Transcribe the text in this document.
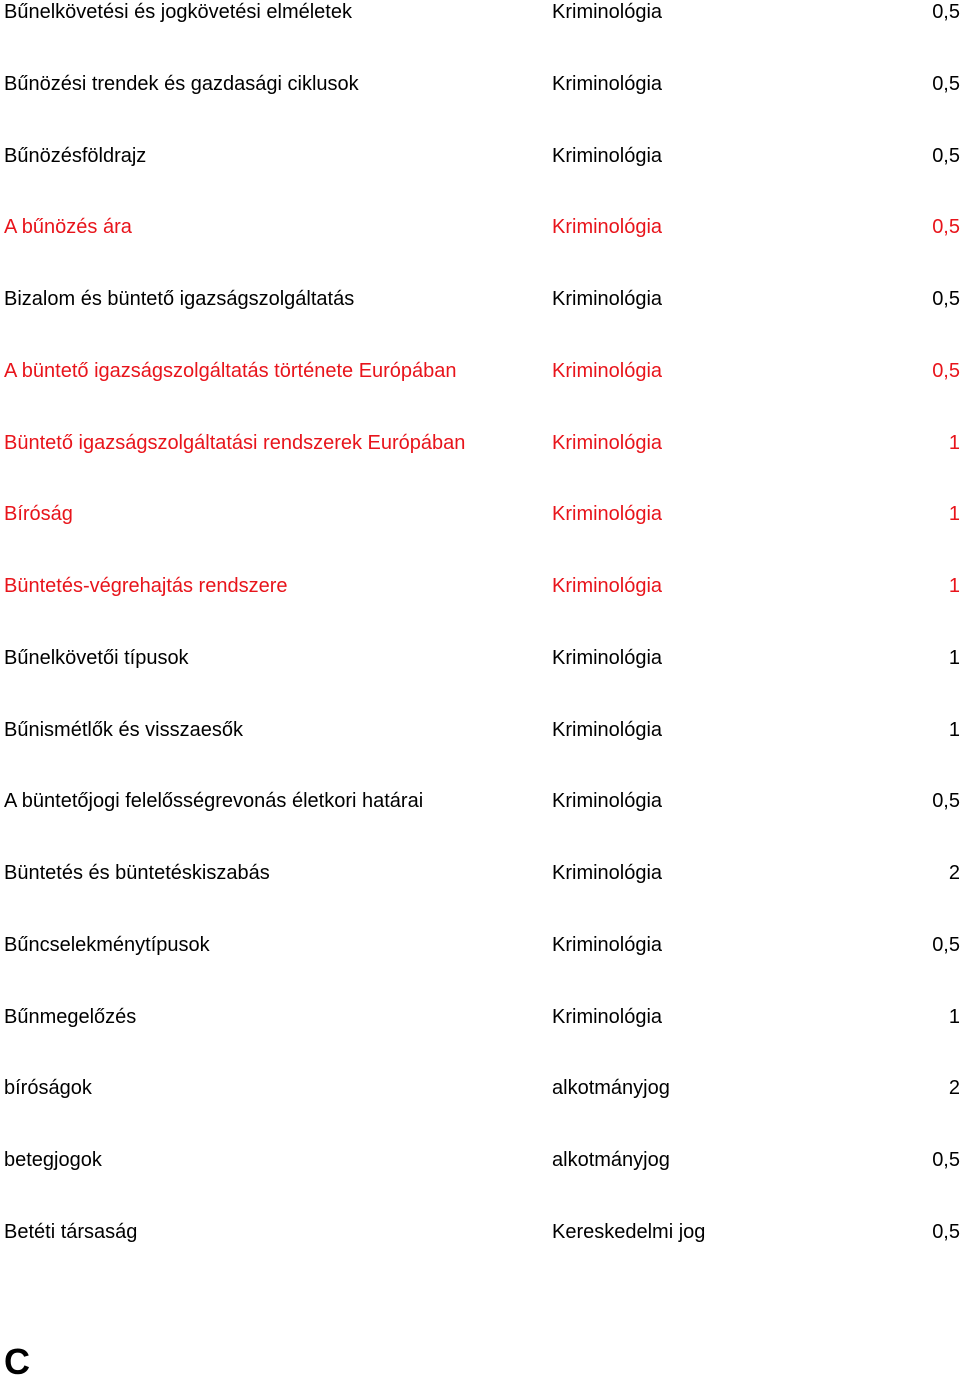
Bűnelkövetési és jogkövetési elméletek	Kriminológia	0,5
Bűnözési trendek és gazdasági ciklusok	Kriminológia	0,5
Bűnözésföldrajz	Kriminológia	0,5
A bűnözés ára	Kriminológia	0,5
Bizalom és büntető igazságszolgáltatás	Kriminológia	0,5
A büntető igazságszolgáltatás története Európában	Kriminológia	0,5
Büntető igazságszolgáltatási rendszerek Európában	Kriminológia	1
Bíróság	Kriminológia	1
Büntetés-végrehajtás rendszere	Kriminológia	1
Bűnelkövetői típusok	Kriminológia	1
Bűnismétlők és visszaesők	Kriminológia	1
A büntetőjogi felelősségrevonás életkori határai	Kriminológia	0,5
Büntetés és büntetéskiszabás	Kriminológia	2
Bűncselekménytípusok	Kriminológia	0,5
Bűnmegelőzés	Kriminológia	1
bíróságok	alkotmányjog	2
betegjogok	alkotmányjog	0,5
Betéti társaság	Kereskedelmi jog	0,5
C
